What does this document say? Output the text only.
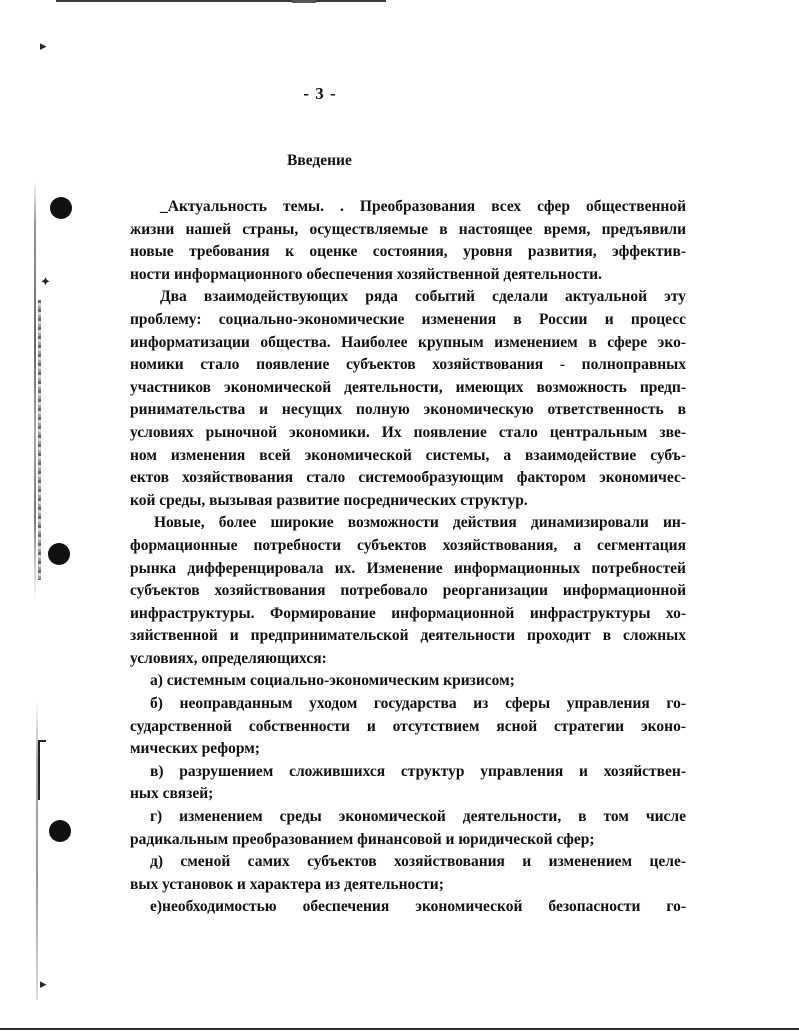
▸
✦
▸
- 3 -
Введение
_Актуальность темы. . Преобразования всех сфер общественной
жизни нашей страны, осуществляемые в настоящее время, предъявили
новые требования к оценке состояния, уровня развития, эффектив-
ности информационного обеспечения хозяйственной деятельности.
Два взаимодействующих ряда событий сделали актуальной эту
проблему: социально-экономические изменения в России и процесс
информатизации общества. Наиболее крупным изменением в сфере эко-
номики стало появление субъектов хозяйствования - полноправных
участников экономической деятельности, имеющих возможность предп-
ринимательства и несущих полную экономическую ответственность в
условиях рыночной экономики. Их появление стало центральным зве-
ном изменения всей экономической системы, а взаимодействие субъ-
ектов хозяйствования стало системообразующим фактором экономичес-
кой среды, вызывая развитие посреднических структур.
Новые, более широкие возможности действия динамизировали ин-
формационные потребности субъектов хозяйствования, а сегментация
рынка дифференцировала их. Изменение информационных потребностей
субъектов хозяйствования потребовало реорганизации информационной
инфраструктуры. Формирование информационной инфраструктуры хо-
зяйственной и предпринимательской деятельности проходит в сложных
условиях, определяющихся:
а) системным социально-экономическим кризисом;
б) неоправданным уходом государства из сферы управления го-
сударственной собственности и отсутствием ясной стратегии эконо-
мических реформ;
в) разрушением сложившихся структур управления и хозяйствен-
ных связей;
г) изменением среды экономической деятельности, в том числе
радикальным преобразованием финансовой и юридической сфер;
д) сменой самих субъектов хозяйствования и изменением целе-
вых установок и характера из деятельности;
е)необходимостью обеспечения экономической безопасности го-
